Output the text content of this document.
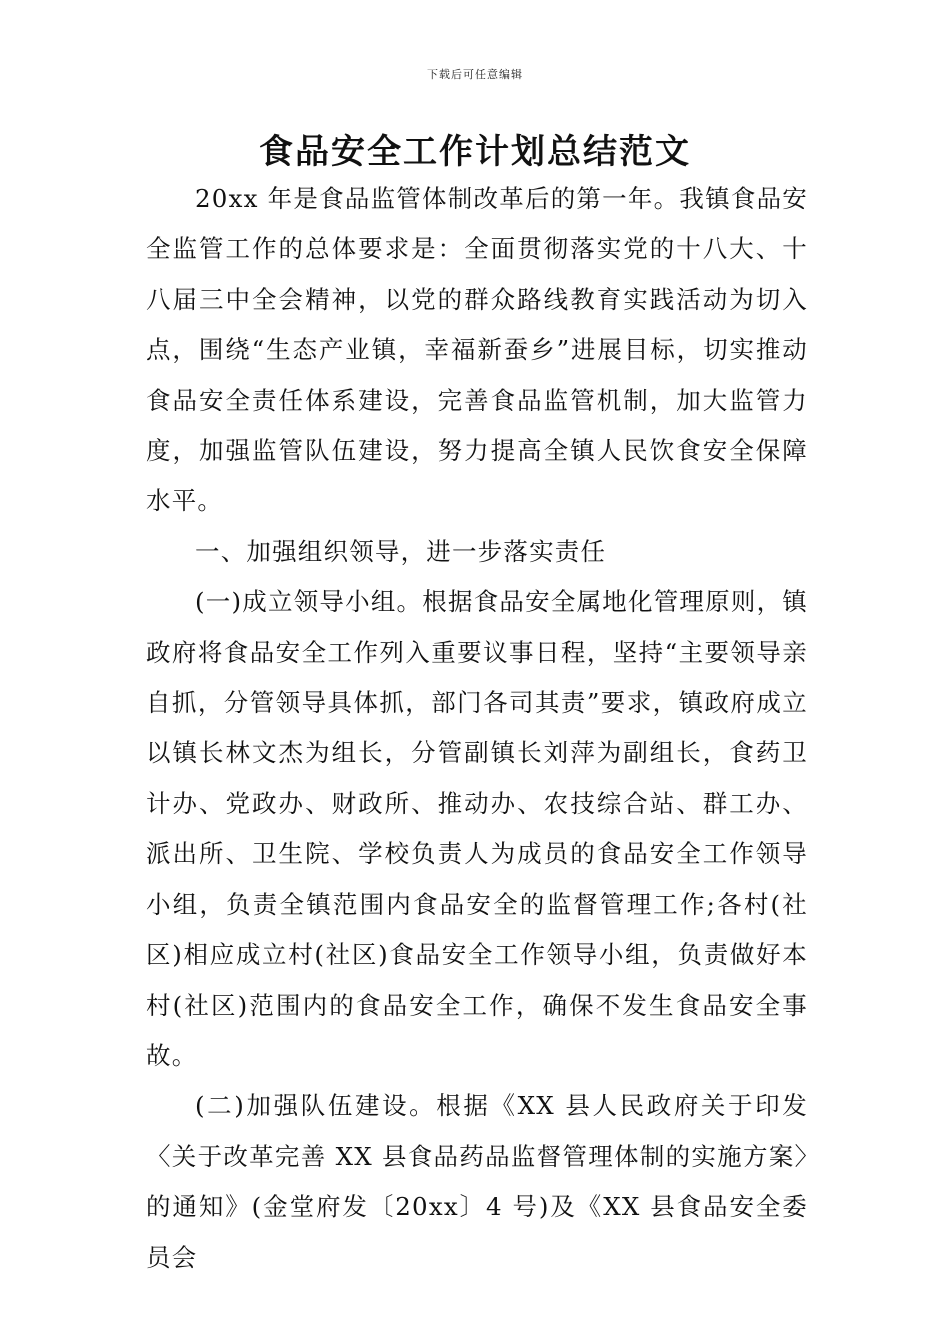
下载后可任意编辑
食品安全工作计划总结范文

20xx 年是食品监管体制改革后的第一年。我镇食品安全监管工作的总体要求是：全面贯彻落实党的十八大、十八届三中全会精神，以党的群众路线教育实践活动为切入点，围绕“生态产业镇，幸福新蚕乡”进展目标，切实推动食品安全责任体系建设，完善食品监管机制，加大监管力度，加强监管队伍建设，努力提高全镇人民饮食安全保障水平。

一、加强组织领导，进一步落实责任

(一)成立领导小组。根据食品安全属地化管理原则，镇政府将食品安全工作列入重要议事日程，坚持“主要领导亲自抓，分管领导具体抓，部门各司其责”要求，镇政府成立以镇长林文杰为组长，分管副镇长刘萍为副组长，食药卫计办、党政办、财政所、推动办、农技综合站、群工办、派出所、卫生院、学校负责人为成员的食品安全工作领导小组，负责全镇范围内食品安全的监督管理工作;各村(社区)相应成立村(社区)食品安全工作领导小组，负责做好本村(社区)范围内的食品安全工作，确保不发生食品安全事故。

(二)加强队伍建设。根据《XX 县人民政府关于印发〈关于改革完善 XX 县食品药品监督管理体制的实施方案〉的通知》(金堂府发〔20xx〕4 号)及《XX 县食品安全委员会
